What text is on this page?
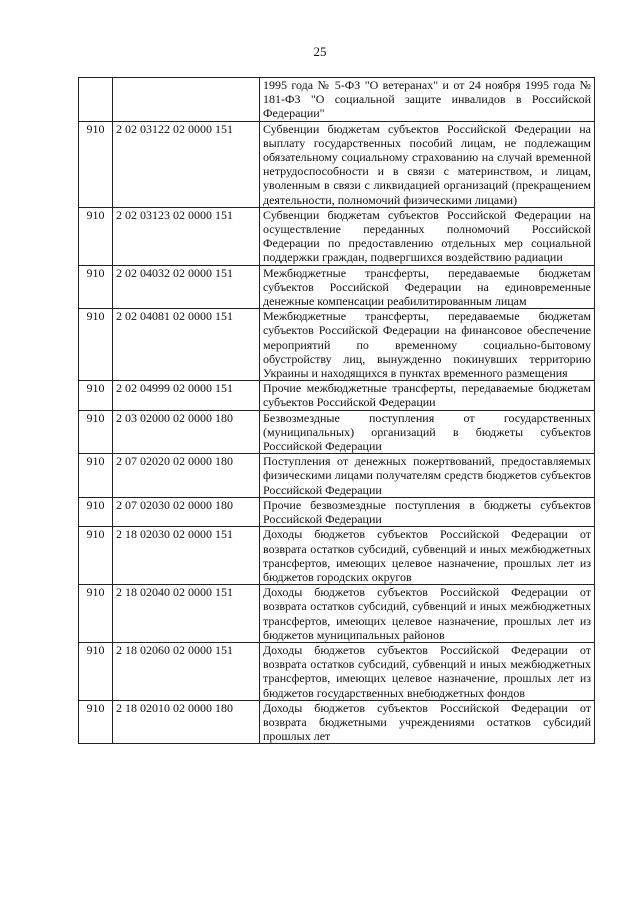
25
		1995 года № 5-ФЗ "О ветеранах" и от 24 ноября 1995 года № 181-ФЗ "О социальной защите инвалидов в Российской Федерации"
910	2 02 03122 02 0000 151	Субвенции бюджетам субъектов Российской Федерации на выплату государственных пособий лицам, не подлежащим обязательному социальному страхованию на случай временной нетрудоспособности и в связи с материнством, и лицам, уволенным в связи с ликвидацией организаций (прекращением деятельности, полномочий физическими лицами)
910	2 02 03123 02 0000 151	Субвенции бюджетам субъектов Российской Федерации на осуществление переданных полномочий Российской Федерации по предоставлению отдельных мер социальной поддержки граждан, подвергшихся воздействию радиации
910	2 02 04032 02 0000 151	Межбюджетные трансферты, передаваемые бюджетам субъектов Российской Федерации на единовременные денежные компенсации реабилитированным лицам
910	2 02 04081 02 0000 151	Межбюджетные трансферты, передаваемые бюджетам субъектов Российской Федерации на финансовое обеспечение мероприятий по временному социально-бытовому обустройству лиц, вынужденно покинувших территорию Украины и находящихся в пунктах временного размещения
910	2 02 04999 02 0000 151	Прочие межбюджетные трансферты, передаваемые бюджетам субъектов Российской Федерации
910	2 03 02000 02 0000 180	Безвозмездные поступления от государственных (муниципальных) организаций в бюджеты субъектов Российской Федерации
910	2 07 02020 02 0000 180	Поступления от денежных пожертвований, предоставляемых физическими лицами получателям средств бюджетов субъектов Российской Федерации
910	2 07 02030 02 0000 180	Прочие безвозмездные поступления в бюджеты субъектов Российской Федерации
910	2 18 02030 02 0000 151	Доходы бюджетов субъектов Российской Федерации от возврата остатков субсидий, субвенций и иных межбюджетных трансфертов, имеющих целевое назначение, прошлых лет из бюджетов городских округов
910	2 18 02040 02 0000 151	Доходы бюджетов субъектов Российской Федерации от возврата остатков субсидий, субвенций и иных межбюджетных трансфертов, имеющих целевое назначение, прошлых лет из бюджетов муниципальных районов
910	2 18 02060 02 0000 151	Доходы бюджетов субъектов Российской Федерации от возврата остатков субсидий, субвенций и иных межбюджетных трансфертов, имеющих целевое назначение, прошлых лет из бюджетов государственных внебюджетных фондов
910	2 18 02010 02 0000 180	Доходы бюджетов субъектов Российской Федерации от возврата бюджетными учреждениями остатков субсидий прошлых лет
